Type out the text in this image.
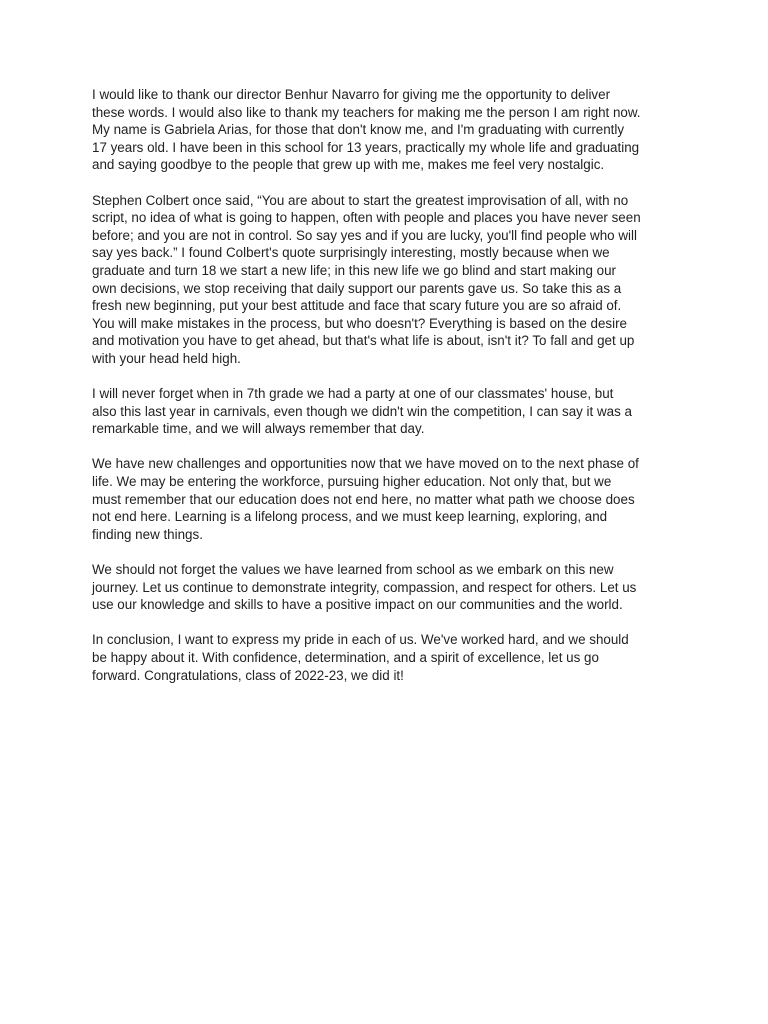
I would like to thank our director Benhur Navarro for giving me the opportunity to deliver
these words. I would also like to thank my teachers for making me the person I am right now.
My name is Gabriela Arias, for those that don't know me, and I'm graduating with currently
17 years old. I have been in this school for 13 years, practically my whole life and graduating
and saying goodbye to the people that grew up with me, makes me feel very nostalgic.

Stephen Colbert once said, “You are about to start the greatest improvisation of all, with no
script, no idea of what is going to happen, often with people and places you have never seen
before; and you are not in control. So say yes and if you are lucky, you'll find people who will
say yes back.” I found Colbert's quote surprisingly interesting, mostly because when we
graduate and turn 18 we start a new life; in this new life we go blind and start making our
own decisions, we stop receiving that daily support our parents gave us. So take this as a
fresh new beginning, put your best attitude and face that scary future you are so afraid of.
You will make mistakes in the process, but who doesn't? Everything is based on the desire
and motivation you have to get ahead, but that's what life is about, isn't it? To fall and get up
with your head held high.

I will never forget when in 7th grade we had a party at one of our classmates' house, but
also this last year in carnivals, even though we didn't win the competition, I can say it was a
remarkable time, and we will always remember that day.

We have new challenges and opportunities now that we have moved on to the next phase of
life. We may be entering the workforce, pursuing higher education. Not only that, but we
must remember that our education does not end here, no matter what path we choose does
not end here. Learning is a lifelong process, and we must keep learning, exploring, and
finding new things.

We should not forget the values we have learned from school as we embark on this new
journey. Let us continue to demonstrate integrity, compassion, and respect for others. Let us
use our knowledge and skills to have a positive impact on our communities and the world.

In conclusion, I want to express my pride in each of us. We've worked hard, and we should
be happy about it. With confidence, determination, and a spirit of excellence, let us go
forward. Congratulations, class of 2022-23, we did it!
